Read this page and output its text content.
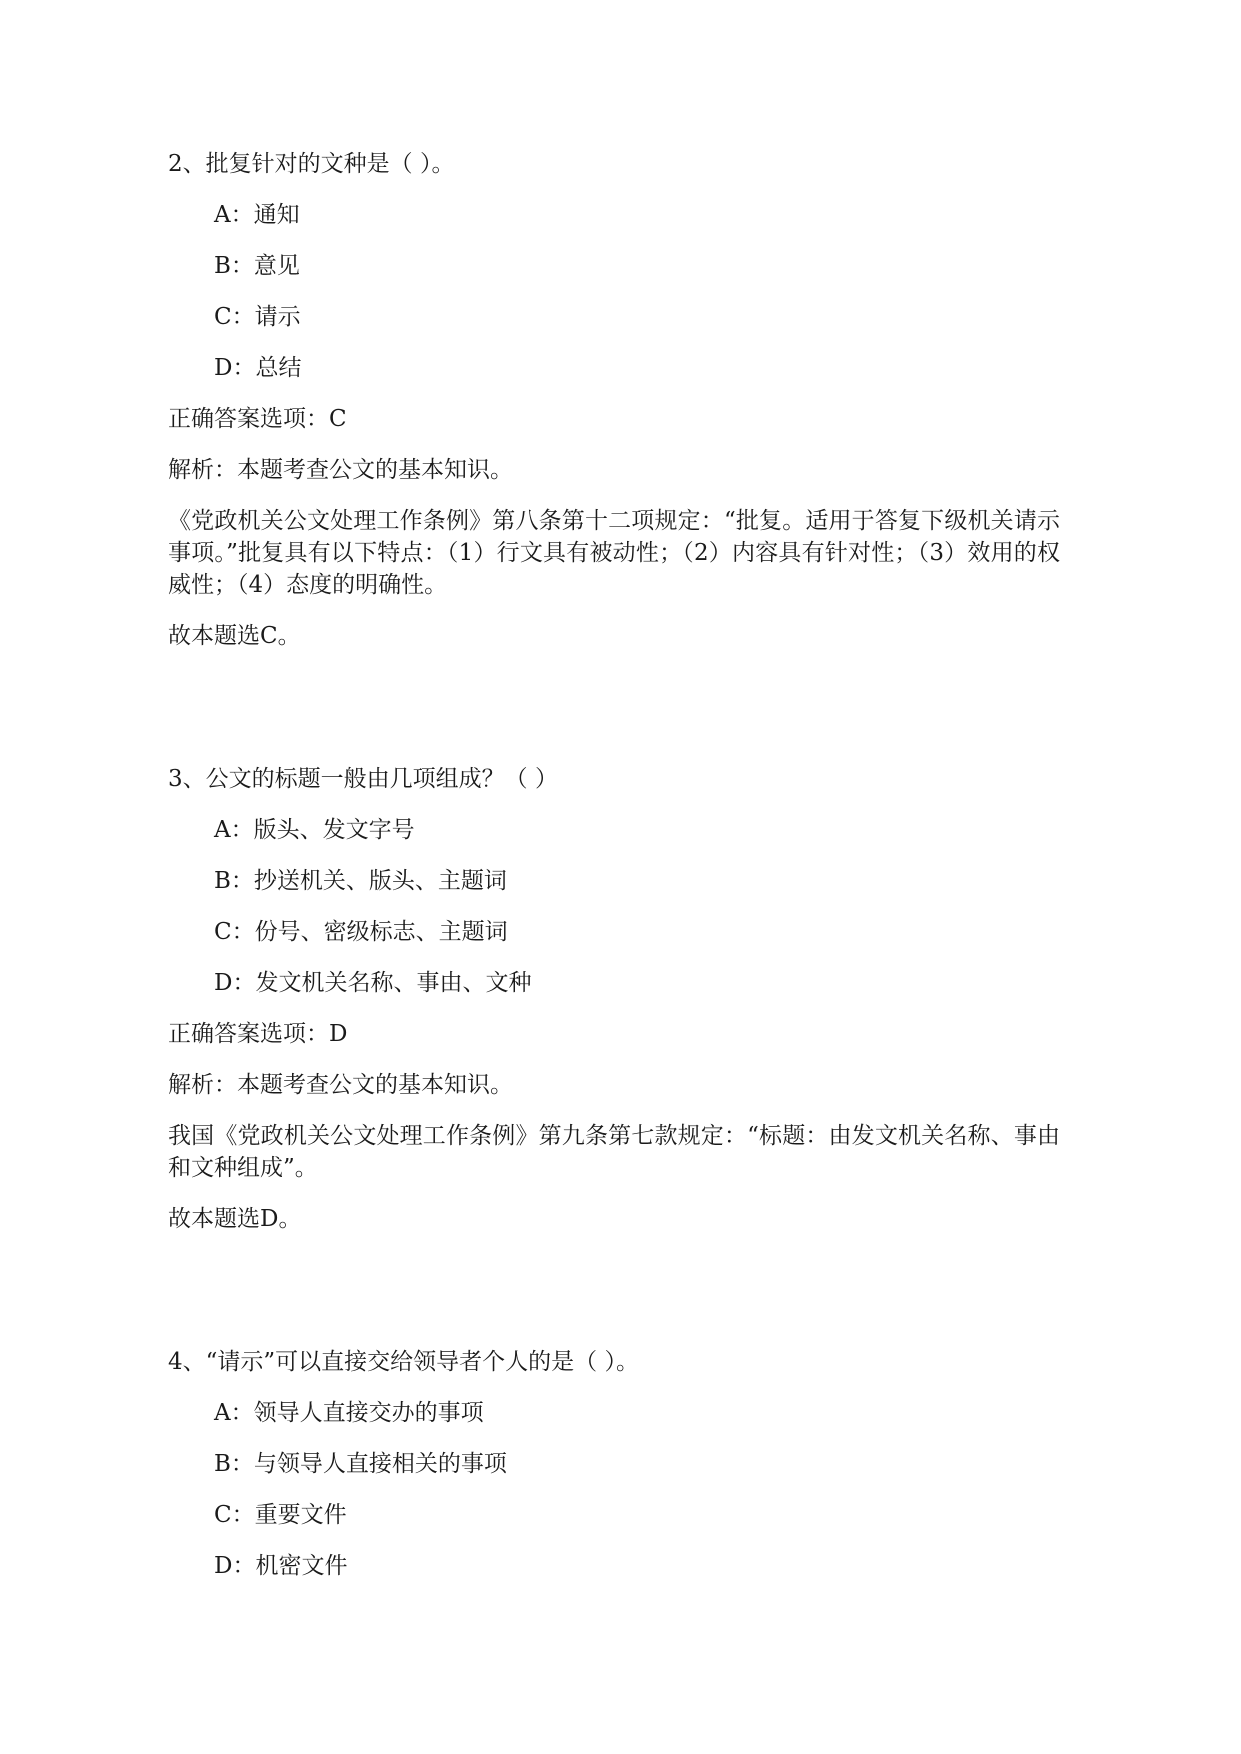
2、批复针对的文种是（ ）。

A：通知

B：意见

C：请示

D：总结

正确答案选项：C

解析：本题考查公文的基本知识。

《党政机关公文处理工作条例》第八条第十二项规定：“批复。适用于答复下级机关请示事项。”批复具有以下特点：（1）行文具有被动性；（2）内容具有针对性；（3）效用的权威性；（4）态度的明确性。

故本题选C。

3、公文的标题一般由几项组成？（ ）

A：版头、发文字号

B：抄送机关、版头、主题词

C：份号、密级标志、主题词

D：发文机关名称、事由、文种

正确答案选项：D

解析：本题考查公文的基本知识。

我国《党政机关公文处理工作条例》第九条第七款规定：“标题：由发文机关名称、事由和文种组成”。

故本题选D。

4、“请示”可以直接交给领导者个人的是（ ）。

A：领导人直接交办的事项

B：与领导人直接相关的事项

C：重要文件

D：机密文件
